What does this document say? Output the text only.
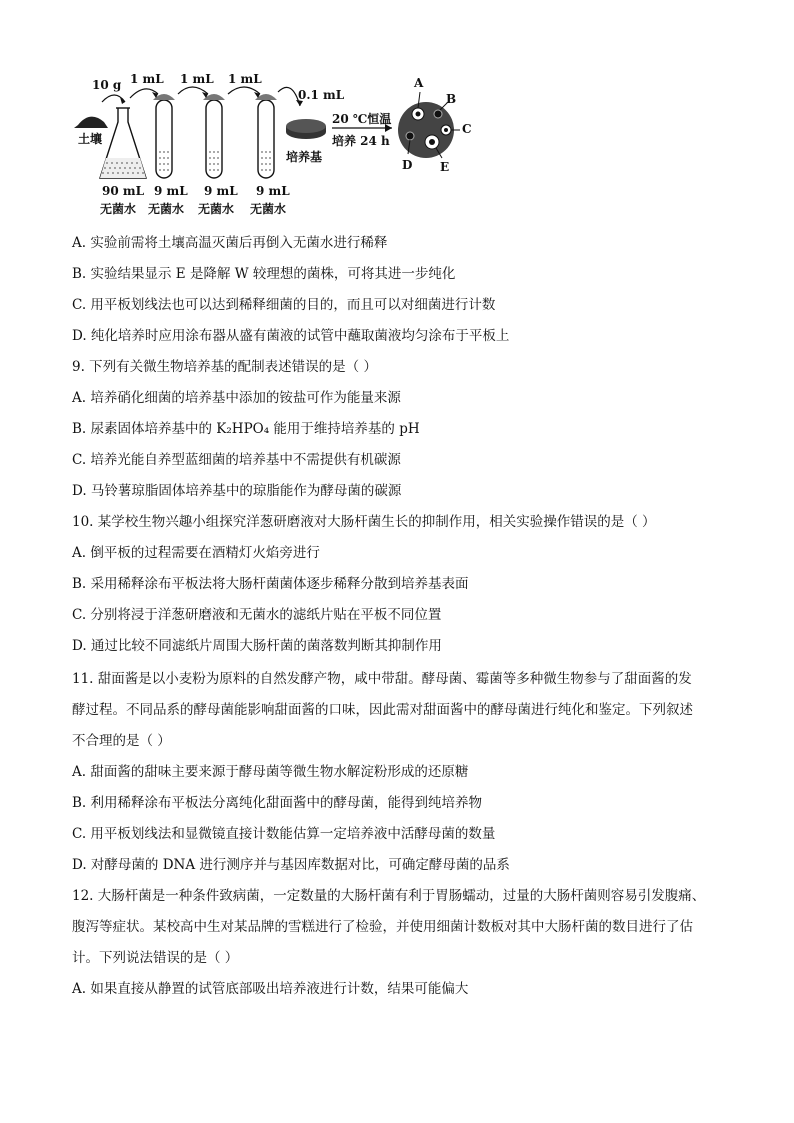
10 g
土壤
1 mL 1 mL 1 mL
0.1 mL
90 mL
无菌水
9 mL
无菌水
9 mL
无菌水
9 mL
无菌水
培养基
20 ℃恒温
培养 24 h
A
B
C
D E
A. 实验前需将土壤高温灭菌后再倒入无菌水进行稀释
B. 实验结果显示 E 是降解 W 较理想的菌株，可将其进一步纯化
C. 用平板划线法也可以达到稀释细菌的目的，而且可以对细菌进行计数
D. 纯化培养时应用涂布器从盛有菌液的试管中蘸取菌液均匀涂布于平板上
9. 下列有关微生物培养基的配制表述错误的是（ ）
A. 培养硝化细菌的培养基中添加的铵盐可作为能量来源
B. 尿素固体培养基中的 K₂HPO₄ 能用于维持培养基的 pH
C. 培养光能自养型蓝细菌的培养基中不需提供有机碳源
D. 马铃薯琼脂固体培养基中的琼脂能作为酵母菌的碳源
10. 某学校生物兴趣小组探究洋葱研磨液对大肠杆菌生长的抑制作用，相关实验操作错误的是（ ）
A. 倒平板的过程需要在酒精灯火焰旁进行
B. 采用稀释涂布平板法将大肠杆菌菌体逐步稀释分散到培养基表面
C. 分别将浸于洋葱研磨液和无菌水的滤纸片贴在平板不同位置
D. 通过比较不同滤纸片周围大肠杆菌的菌落数判断其抑制作用
11. 甜面酱是以小麦粉为原料的自然发酵产物，咸中带甜。酵母菌、霉菌等多种微生物参与了甜面酱的发
酵过程。不同品系的酵母菌能影响甜面酱的口味，因此需对甜面酱中的酵母菌进行纯化和鉴定。下列叙述
不合理的是（ ）
A. 甜面酱的甜味主要来源于酵母菌等微生物水解淀粉形成的还原糖
B. 利用稀释涂布平板法分离纯化甜面酱中的酵母菌，能得到纯培养物
C. 用平板划线法和显微镜直接计数能估算一定培养液中活酵母菌的数量
D. 对酵母菌的 DNA 进行测序并与基因库数据对比，可确定酵母菌的品系
12. 大肠杆菌是一种条件致病菌，一定数量的大肠杆菌有利于胃肠蠕动，过量的大肠杆菌则容易引发腹痛、
腹泻等症状。某校高中生对某品牌的雪糕进行了检验，并使用细菌计数板对其中大肠杆菌的数目进行了估
计。下列说法错误的是（ ）
A. 如果直接从静置的试管底部吸出培养液进行计数，结果可能偏大
